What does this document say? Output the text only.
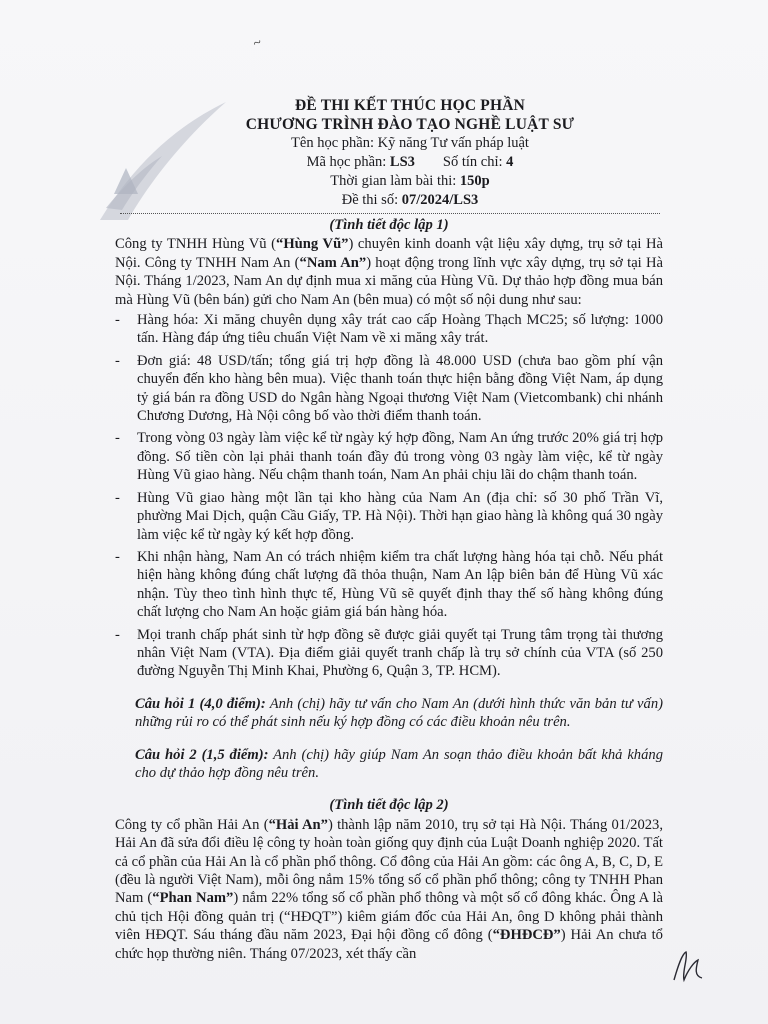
~
ĐỀ THI KẾT THÚC HỌC PHẦN
CHƯƠNG TRÌNH ĐÀO TẠO NGHỀ LUẬT SƯ
Tên học phần: Kỹ năng Tư vấn pháp luật
Mã học phần: LS3 Số tín chỉ: 4
Thời gian làm bài thi: 150p
Đề thi số: 07/2024/LS3
(Tình tiết độc lập 1)

Công ty TNHH Hùng Vũ (“Hùng Vũ”) chuyên kinh doanh vật liệu xây dựng, trụ sở tại Hà Nội. Công ty TNHH Nam An (“Nam An”) hoạt động trong lĩnh vực xây dựng, trụ sở tại Hà Nội. Tháng 1/2023, Nam An dự định mua xi măng của Hùng Vũ. Dự thảo hợp đồng mua bán mà Hùng Vũ (bên bán) gửi cho Nam An (bên mua) có một số nội dung như sau:

- Hàng hóa: Xi măng chuyên dụng xây trát cao cấp Hoàng Thạch MC25; số lượng: 1000 tấn. Hàng đáp ứng tiêu chuẩn Việt Nam về xi măng xây trát.
- Đơn giá: 48 USD/tấn; tổng giá trị hợp đồng là 48.000 USD (chưa bao gồm phí vận chuyển đến kho hàng bên mua). Việc thanh toán thực hiện bằng đồng Việt Nam, áp dụng tỷ giá bán ra đồng USD do Ngân hàng Ngoại thương Việt Nam (Vietcombank) chi nhánh Chương Dương, Hà Nội công bố vào thời điểm thanh toán.
- Trong vòng 03 ngày làm việc kể từ ngày ký hợp đồng, Nam An ứng trước 20% giá trị hợp đồng. Số tiền còn lại phải thanh toán đầy đủ trong vòng 03 ngày làm việc, kể từ ngày Hùng Vũ giao hàng. Nếu chậm thanh toán, Nam An phải chịu lãi do chậm thanh toán.
- Hùng Vũ giao hàng một lần tại kho hàng của Nam An (địa chỉ: số 30 phố Trần Vĩ, phường Mai Dịch, quận Cầu Giấy, TP. Hà Nội). Thời hạn giao hàng là không quá 30 ngày làm việc kể từ ngày ký kết hợp đồng.
- Khi nhận hàng, Nam An có trách nhiệm kiểm tra chất lượng hàng hóa tại chỗ. Nếu phát hiện hàng không đúng chất lượng đã thỏa thuận, Nam An lập biên bản để Hùng Vũ xác nhận. Tùy theo tình hình thực tế, Hùng Vũ sẽ quyết định thay thế số hàng không đúng chất lượng cho Nam An hoặc giảm giá bán hàng hóa.
- Mọi tranh chấp phát sinh từ hợp đồng sẽ được giải quyết tại Trung tâm trọng tài thương nhân Việt Nam (VTA). Địa điểm giải quyết tranh chấp là trụ sở chính của VTA (số 250 đường Nguyễn Thị Minh Khai, Phường 6, Quận 3, TP. HCM).

Câu hỏi 1 (4,0 điểm): Anh (chị) hãy tư vấn cho Nam An (dưới hình thức văn bản tư vấn) những rủi ro có thể phát sinh nếu ký hợp đồng có các điều khoản nêu trên.

Câu hỏi 2 (1,5 điểm): Anh (chị) hãy giúp Nam An soạn thảo điều khoản bất khả kháng cho dự thảo hợp đồng nêu trên.

(Tình tiết độc lập 2)

Công ty cổ phần Hải An (“Hải An”) thành lập năm 2010, trụ sở tại Hà Nội. Tháng 01/2023, Hải An đã sửa đổi điều lệ công ty hoàn toàn giống quy định của Luật Doanh nghiệp 2020. Tất cả cổ phần của Hải An là cổ phần phổ thông. Cổ đông của Hải An gồm: các ông A, B, C, D, E (đều là người Việt Nam), mỗi ông nắm 15% tổng số cổ phần phổ thông; công ty TNHH Phan Nam (“Phan Nam”) nắm 22% tổng số cổ phần phổ thông và một số cổ đông khác. Ông A là chủ tịch Hội đồng quản trị (“HĐQT”) kiêm giám đốc của Hải An, ông D không phải thành viên HĐQT. Sáu tháng đầu năm 2023, Đại hội đồng cổ đông (“ĐHĐCĐ”) Hải An chưa tổ chức họp thường niên. Tháng 07/2023, xét thấy cần
